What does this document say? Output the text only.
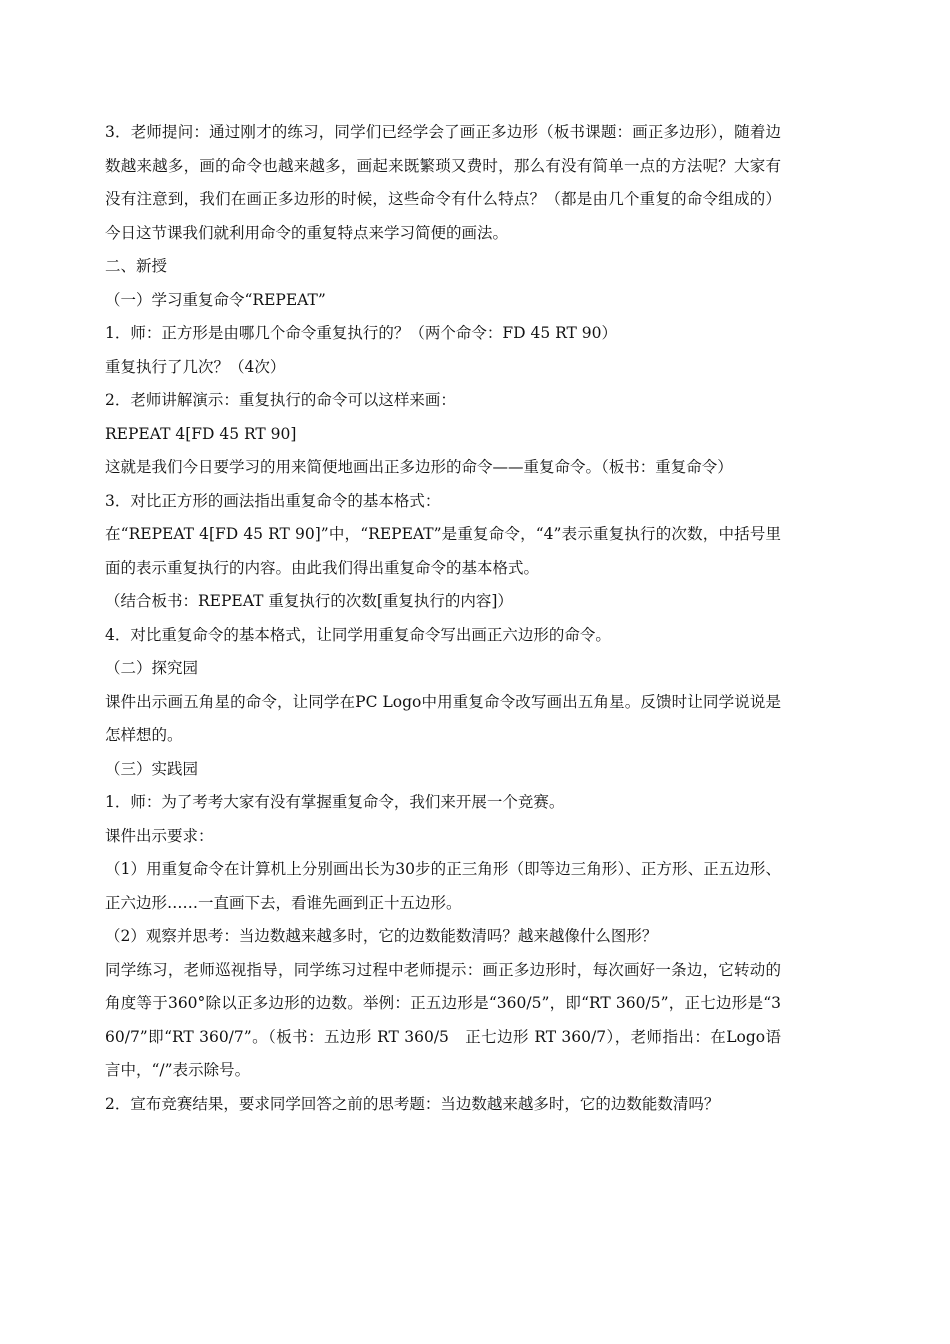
3．老师提问：通过刚才的练习，同学们已经学会了画正多边形（板书课题：画正多边形），随着边数越来越多，画的命令也越来越多，画起来既繁琐又费时，那么有没有简单一点的方法呢？大家有没有注意到，我们在画正多边形的时候，这些命令有什么特点？（都是由几个重复的命令组成的）今日这节课我们就利用命令的重复特点来学习简便的画法。

二、新授

（一）学习重复命令“REPEAT”

1．师：正方形是由哪几个命令重复执行的？（两个命令：FD 45 RT 90）

重复执行了几次？（4次）

2．老师讲解演示：重复执行的命令可以这样来画：

REPEAT 4[FD 45 RT 90]

这就是我们今日要学习的用来简便地画出正多边形的命令——重复命令。（板书：重复命令）

3．对比正方形的画法指出重复命令的基本格式：

在“REPEAT 4[FD 45 RT 90]”中，“REPEAT”是重复命令，“4”表示重复执行的次数，中括号里面的表示重复执行的内容。由此我们得出重复命令的基本格式。

（结合板书：REPEAT 重复执行的次数[重复执行的内容]）

4．对比重复命令的基本格式，让同学用重复命令写出画正六边形的命令。

（二）探究园

课件出示画五角星的命令，让同学在PC Logo中用重复命令改写画出五角星。反馈时让同学说说是怎样想的。

（三）实践园

1．师：为了考考大家有没有掌握重复命令，我们来开展一个竞赛。

课件出示要求：

（1）用重复命令在计算机上分别画出长为30步的正三角形（即等边三角形）、正方形、正五边形、正六边形……一直画下去，看谁先画到正十五边形。

（2）观察并思考：当边数越来越多时，它的边数能数清吗？越来越像什么图形？

同学练习，老师巡视指导，同学练习过程中老师提示：画正多边形时，每次画好一条边，它转动的角度等于360°除以正多边形的边数。举例：正五边形是“360/5”，即“RT 360/5”，正七边形是“360/7”即“RT 360/7”。（板书：五边形 RT 360/5　正七边形 RT 360/7），老师指出：在Logo语言中，“/”表示除号。

2．宣布竞赛结果，要求同学回答之前的思考题：当边数越来越多时，它的边数能数清吗？
